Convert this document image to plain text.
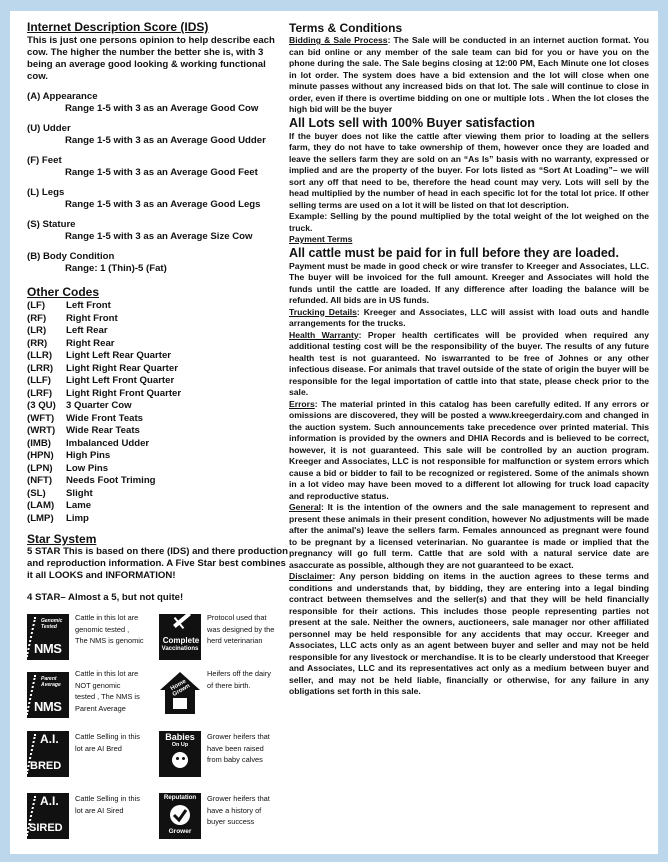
Internet Description Score (IDS)
This is just one persons opinion to help describe each cow. The higher the number the better she is, with 3 being an average good looking & working functional cow.
(A) Appearance
Range 1-5 with 3 as an Average Good Cow
(U) Udder
Range 1-5 with 3 as an Average Good Udder
(F) Feet
Range 1-5 with 3 as an Average Good Feet
(L) Legs
Range 1-5 with 3 as an Average Good Legs
(S) Stature
Range 1-5 with 3 as an Average Size Cow
(B) Body Condition
Range: 1 (Thin)-5 (Fat)
Other Codes
(LF)	Left Front
(RF)	Right Front
(LR)	Left Rear
(RR)	Right Rear
(LLR)	Light Left Rear Quarter
(LRR)	Light Right Rear Quarter
(LLF)	Light Left Front Quarter
(LRF)	Light Right Front Quarter
(3 QU)	3 Quarter Cow
(WFT)	Wide Front Teats
(WRT)	Wide Rear Teats
(IMB)	Imbalanced Udder
(HPN)	High Pins
(LPN)	Low Pins
(NFT)	Needs Foot Triming
(SL)	Slight
(LAM)	Lame
(LMP)	Limp
Star System
5 STAR This is based on there (IDS) and there production and reproduction information. A Five Star best combines it all LOOKS and INFORMATION!
4 STAR– Almost a 5, but not quite!
Genomic Tested
NMS
Cattle in this lot are
genomic tested ,
The NMS is genomic Complete
Vaccinations
Protocol used that
was designed by the
herd veterinarian
Parent Average
NMS
Cattle in this lot are
NOT genomic
tested , The NMS is
Parent Average
Home Grown
Heifers off the dairy
of there birth.
A.I.
BRED
Cattle Selling in this
lot are AI Bred
Babies
On Up
Grower heifers that
have been raised
from baby calves
A.I.
SIRED
Cattle Selling in this
lot are AI Sired
Reputation
Grower
Grower heifers that
have a history of
buyer success
Terms & Conditions
Bidding & Sale Process: The Sale will be conducted in an internet auction format. You can bid online or any member of the sale team can bid for you or have you on the phone during the sale. The Sale begins closing at 12:00 PM, Each Minute one lot closes in lot order. The system does have a bid extension and the lot will close when one minute passes without any increased bids on that lot. The sale will continue to close in order, even if there is overtime bidding on one or multiple lots . When the lot closes the high bid will be the buyer
All Lots sell with 100% Buyer satisfaction
If the buyer does not like the cattle after viewing them prior to loading at the sellers farm, they do not have to take ownership of them, however once they are loaded and leave the sellers farm they are sold on an “As Is” basis with no warranty, expressed or implied and are the property of the buyer. For lots listed as “Sort At Loading”– we will sort any off that need to be, therefore the head count may very. Lots will sell by the head multiplied by the number of head in each specific lot for the total lot price. If other selling terms are used on a lot it will be listed on that lot description.
Example: Selling by the pound multiplied by the total weight of the lot weighed on the truck.
Payment Terms
All cattle must be paid for in full before they are loaded.
Payment must be made in good check or wire transfer to Kreeger and Associates, LLC. The buyer will be invoiced for the full amount. Kreeger and Associates will hold the funds until the cattle are loaded. If any difference after loading the balance will be refunded. All bids are in US funds.
Trucking Details: Kreeger and Associates, LLC will assist with load outs and handle arrangements for the trucks.
Health Warranty: Proper health certificates will be provided when required any additional testing cost will be the responsibility of the buyer. The results of any future health test is not guaranteed. No iswarranted to be free of Johnes or any other infectious disease. For animals that travel outside of the state of origin the buyer will be responsible for the legal importation of cattle into that state, please check prior to the sale.
Errors: The material printed in this catalog has been carefully edited. If any errors or omissions are discovered, they will be posted a www.kreegerdairy.com and changed in the auction system. Such announcements take precedence over printed material. This information is provided by the owners and DHIA Records and is believed to be correct, however, it is not guaranteed. This sale will be controlled by an auction program. Kreeger and Associates, LLC is not responsible for malfunction or system errors which cause a bid or bidder to fail to be recognized or registered. Some of the animals shown in a lot video may have been moved to a different lot allowing for truck load capacity and reproductive status.
General: It is the intention of the owners and the sale management to represent and present these animals in their present condition, however No adjustments will be made after the animal's) leave the sellers farm. Females announced as pregnant were found to be pregnant by a licensed veterinarian. No guarantee is made or implied that the pregnancy will go full term. Cattle that are sold with a natural service date are asaccurate as possible, although they are not guaranteed to be exact.
Disclaimer: Any person bidding on items in the auction agrees to these terms and conditions and understands that, by bidding, they are entering into a legal binding contract between themselves and the seller(s) and that they will be held financially responsible for their actions. This includes those people representing parties not present at the sale. Neither the owners, auctioneers, sale manager nor other affiliated personnel may be held responsible for any accidents that may occur. Kreeger and Associates, LLC acts only as an agent between buyer and seller and may not be held responsible for any livestock or merchandise. It is to be clearly understood that Kreeger and Associates, LLC and its representatives act only as a medium between buyer and seller, and may not be held liable, financially or otherwise, for any failure in any obligations set forth in this sale.
